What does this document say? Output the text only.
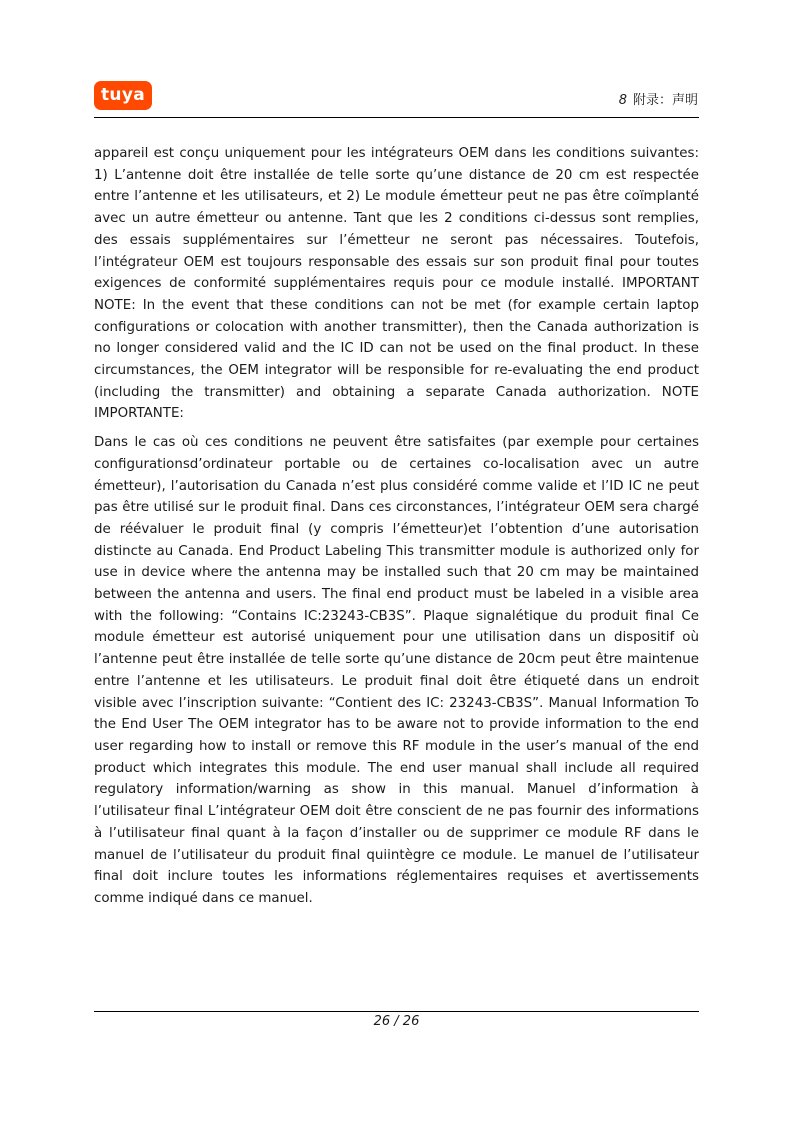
tuya	8 附录：声明

appareil est conçu uniquement pour les intégrateurs OEM dans les conditions suivantes: 1) L’antenne doit être installée de telle sorte qu’une distance de 20 cm est respectée entre l’antenne et les utilisateurs, et 2) Le module émetteur peut ne pas être coïmplanté avec un autre émetteur ou antenne. Tant que les 2 conditions ci-dessus sont remplies, des essais supplémentaires sur l’émetteur ne seront pas nécessaires. Toutefois, l’intégrateur OEM est toujours responsable des essais sur son produit final pour toutes exigences de conformité supplémentaires requis pour ce module installé. IMPORTANT NOTE: In the event that these conditions can not be met (for example certain laptop configurations or colocation with another transmitter), then the Canada authorization is no longer considered valid and the IC ID can not be used on the final product. In these circumstances, the OEM integrator will be responsible for re-evaluating the end product (including the transmitter) and obtaining a separate Canada authorization. NOTE IMPORTANTE:

Dans le cas où ces conditions ne peuvent être satisfaites (par exemple pour certaines configurationsd’ordinateur portable ou de certaines co-localisation avec un autre émetteur), l’autorisation du Canada n’est plus considéré comme valide et l’ID IC ne peut pas être utilisé sur le produit final. Dans ces circonstances, l’intégrateur OEM sera chargé de réévaluer le produit final (y compris l’émetteur)et l’obtention d’une autorisation distincte au Canada. End Product Labeling This transmitter module is authorized only for use in device where the antenna may be installed such that 20 cm may be maintained between the antenna and users. The final end product must be labeled in a visible area with the following: “Contains IC:23243-CB3S”. Plaque signalétique du produit final Ce module émetteur est autorisé uniquement pour une utilisation dans un dispositif où l’antenne peut être installée de telle sorte qu’une distance de 20cm peut être maintenue entre l’antenne et les utilisateurs. Le produit final doit être étiqueté dans un endroit visible avec l’inscription suivante: “Contient des IC: 23243-CB3S”. Manual Information To the End User The OEM integrator has to be aware not to provide information to the end user regarding how to install or remove this RF module in the user’s manual of the end product which integrates this module. The end user manual shall include all required regulatory information/warning as show in this manual. Manuel d’information à l’utilisateur final L’intégrateur OEM doit être conscient de ne pas fournir des informations à l’utilisateur final quant à la façon d’installer ou de supprimer ce module RF dans le manuel de l’utilisateur du produit final quiintègre ce module. Le manuel de l’utilisateur final doit inclure toutes les informations réglementaires requises et avertissements comme indiqué dans ce manuel.

26 / 26
